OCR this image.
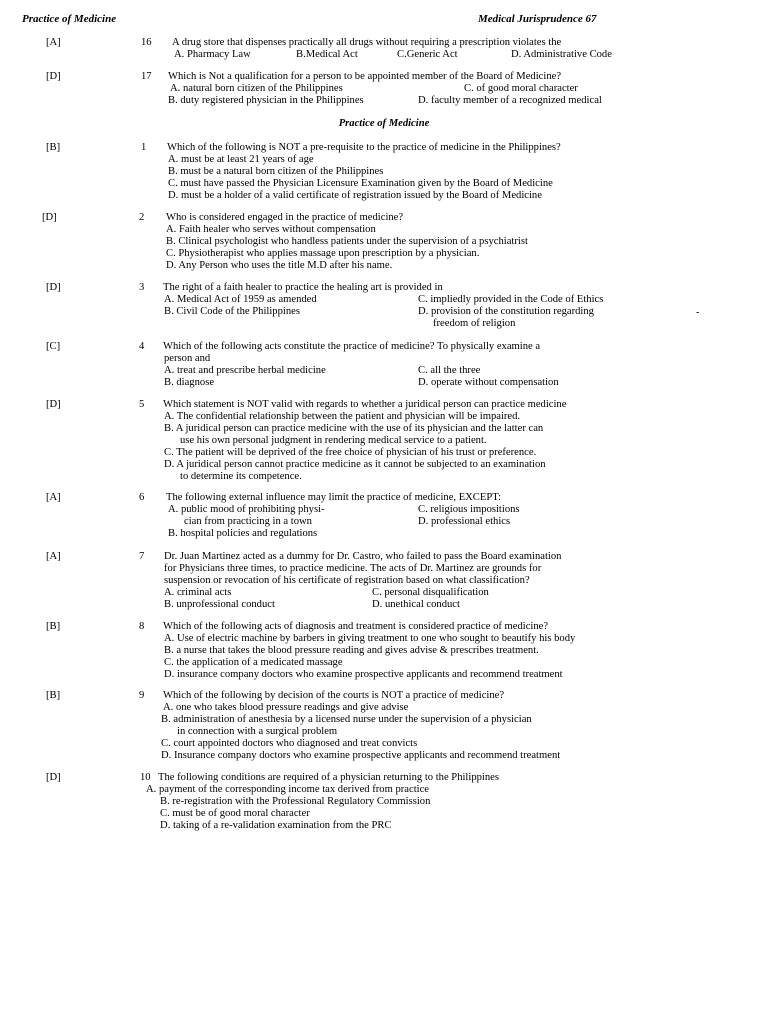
Practice of Medicine	Medical Jurisprudence 67
Practice of Medicine
[A]	16 A drug store that dispenses practically all drugs without requiring a prescription violates the
A. Pharmacy Law	B.Medical Act	C.Generic Act	D. Administrative Code
[D]	17 Which is Not a qualification for a person to be appointed member of the Board of Medicine?
A. natural born citizen of the Philippines	C. of good moral character
B. duty registered physician in the Philippines	D. faculty member of a recognized medical
[B]	1 Which of the following is NOT a pre-requisite to the practice of medicine in the Philippines?
A. must be at least 21 years of age
B. must be a natural born citizen of the Philippines
C. must have passed the Physician Licensure Examination given by the Board of Medicine
D. must be a holder of a valid certificate of registration issued by the Board of Medicine
[D]	2 Who is considered engaged in the practice of medicine?
A. Faith healer who serves without compensation
B. Clinical psychologist who handless patients under the supervision of a psychiatrist
C. Physiotherapist who applies massage upon prescription by a physician.
D. Any Person who uses the title M.D after his name.
[D]	3 The right of a faith healer to practice the healing art is provided in
A. Medical Act of 1959 as amended	C. impliedly provided in the Code of Ethics
B. Civil Code of the Philippines	D. provision of the constitution regarding
freedom of religion
[C]	4 Which of the following acts constitute the practice of medicine? To physically examine a
person and
A. treat and prescribe herbal medicine	C. all the three
B. diagnose	D. operate without compensation
[D]	5 Which statement is NOT valid with regards to whether a juridical person can practice medicine
A. The confidential relationship between the patient and physician will be impaired.
B. A juridical person can practice medicine with the use of its physician and the latter can
use his own personal judgment in rendering medical service to a patient.
C. The patient will be deprived of the free choice of physician of his trust or preference.
D. A juridical person cannot practice medicine as it cannot be subjected to an examination
to determine its competence.
[A]	6 The following external influence may limit the practice of medicine, EXCEPT:
A. public mood of prohibiting physi-	C. religious impositions
cian from practicing in a town	D. professional ethics
B. hospital policies and regulations
[A]	7 Dr. Juan Martinez acted as a dummy for Dr. Castro, who failed to pass the Board examination
for Physicians three times, to practice medicine. The acts of Dr. Martinez are grounds for
suspension or revocation of his certificate of registration based on what classification?
A. criminal acts	C. personal disqualification
B. unprofessional conduct	D. unethical conduct
[B]	8 Which of the following acts of diagnosis and treatment is considered practice of medicine?
A. Use of electric machine by barbers in giving treatment to one who sought to beautify his body
B. a nurse that takes the blood pressure reading and gives advise & prescribes treatment.
C. the application of a medicated massage
D. insurance company doctors who examine prospective applicants and recommend treatment
[B]	9 Which of the following by decision of the courts is NOT a practice of medicine?
A. one who takes blood pressure readings and give advise
B. administration of anesthesia by a licensed nurse under the supervision of a physician
in connection with a surgical problem
C. court appointed doctors who diagnosed and treat convicts
D. Insurance company doctors who examine prospective applicants and recommend treatment
[D]	10 The following conditions are required of a physician returning to the Philippines
A. payment of the corresponding income tax derived from practice
B. re-registration with the Professional Regulatory Commission
C. must be of good moral character
D. taking of a re-validation examination from the PRC
-
